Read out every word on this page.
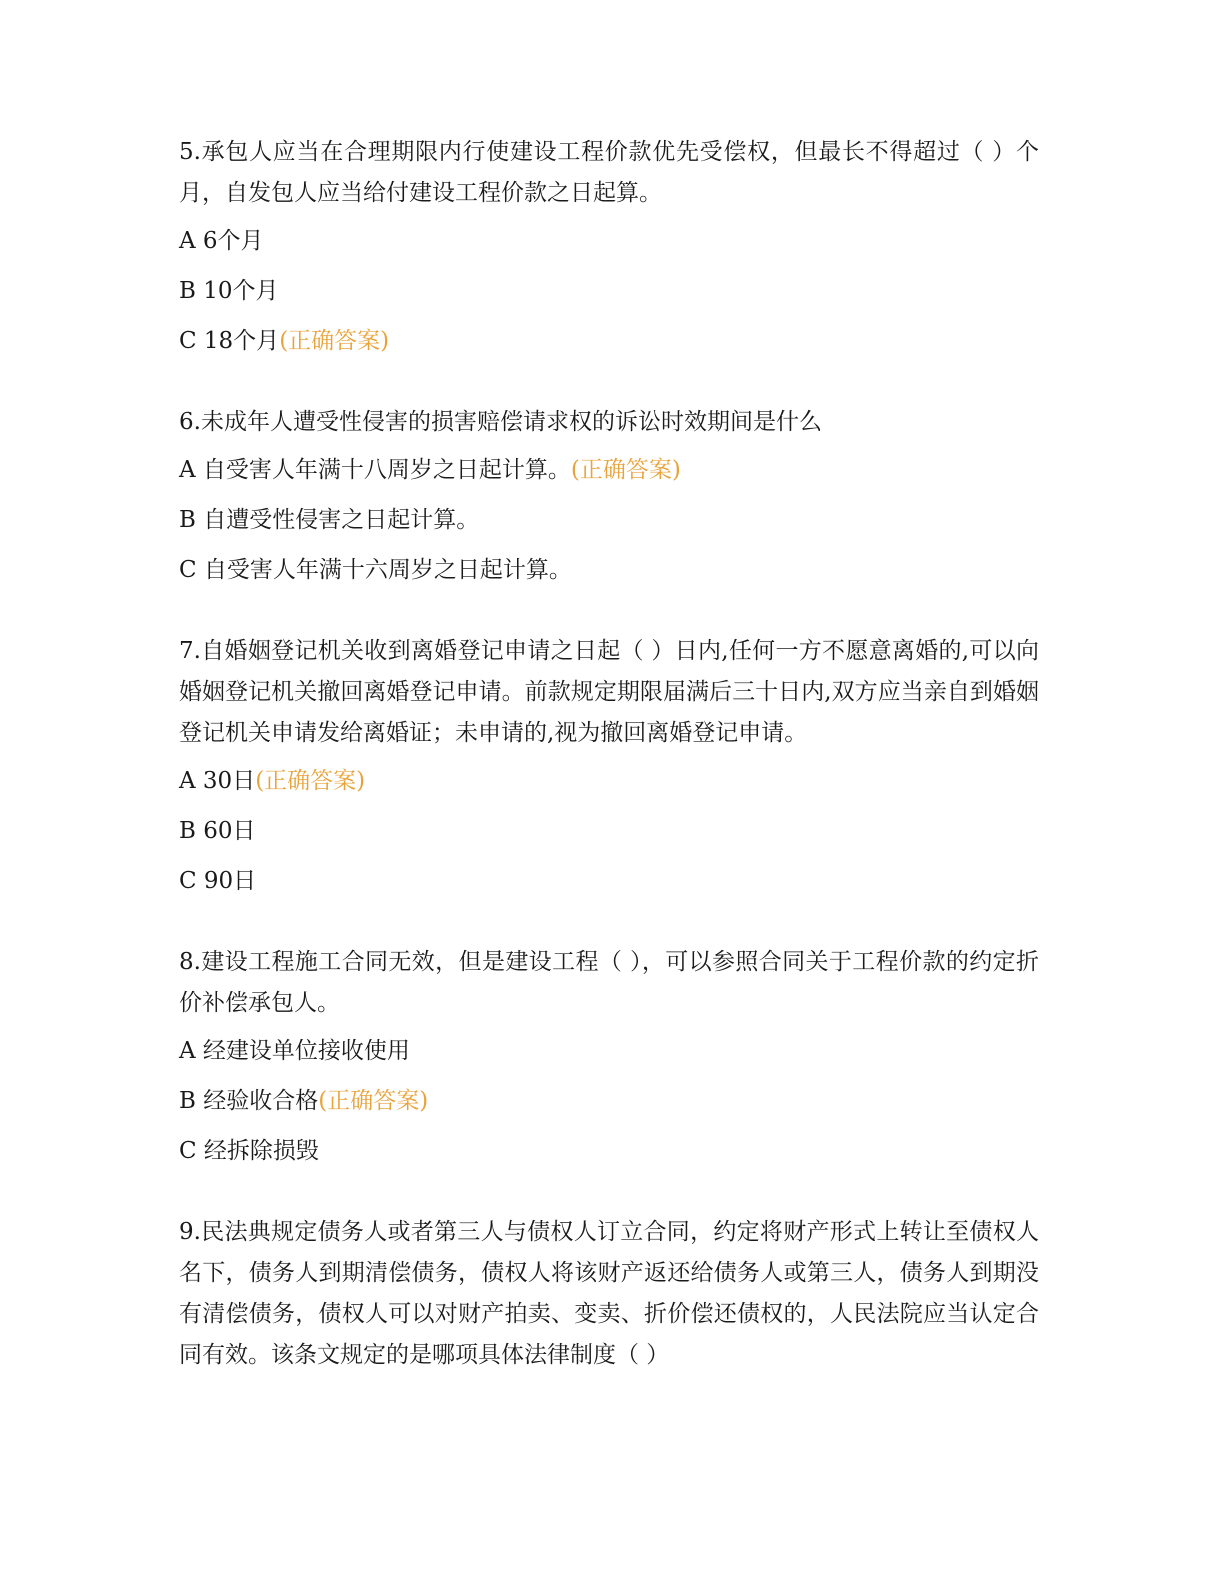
5.承包人应当在合理期限内行使建设工程价款优先受偿权，但最长不得超过（ ）个月，自发包人应当给付建设工程价款之日起算。

A 6个月

B 10个月

C 18个月(正确答案)

6.未成年人遭受性侵害的损害赔偿请求权的诉讼时效期间是什么

A 自受害人年满十八周岁之日起计算。(正确答案)

B 自遭受性侵害之日起计算。

C 自受害人年满十六周岁之日起计算。

7.自婚姻登记机关收到离婚登记申请之日起（ ）日内,任何一方不愿意离婚的,可以向婚姻登记机关撤回离婚登记申请。前款规定期限届满后三十日内,双方应当亲自到婚姻登记机关申请发给离婚证；未申请的,视为撤回离婚登记申请。

A 30日(正确答案)

B 60日

C 90日

8.建设工程施工合同无效，但是建设工程（ ），可以参照合同关于工程价款的约定折价补偿承包人。

A 经建设单位接收使用

B 经验收合格(正确答案)

C 经拆除损毁

9.民法典规定债务人或者第三人与债权人订立合同，约定将财产形式上转让至债权人名下，债务人到期清偿债务，债权人将该财产返还给债务人或第三人，债务人到期没有清偿债务，债权人可以对财产拍卖、变卖、折价偿还债权的，人民法院应当认定合同有效。该条文规定的是哪项具体法律制度（ ）
